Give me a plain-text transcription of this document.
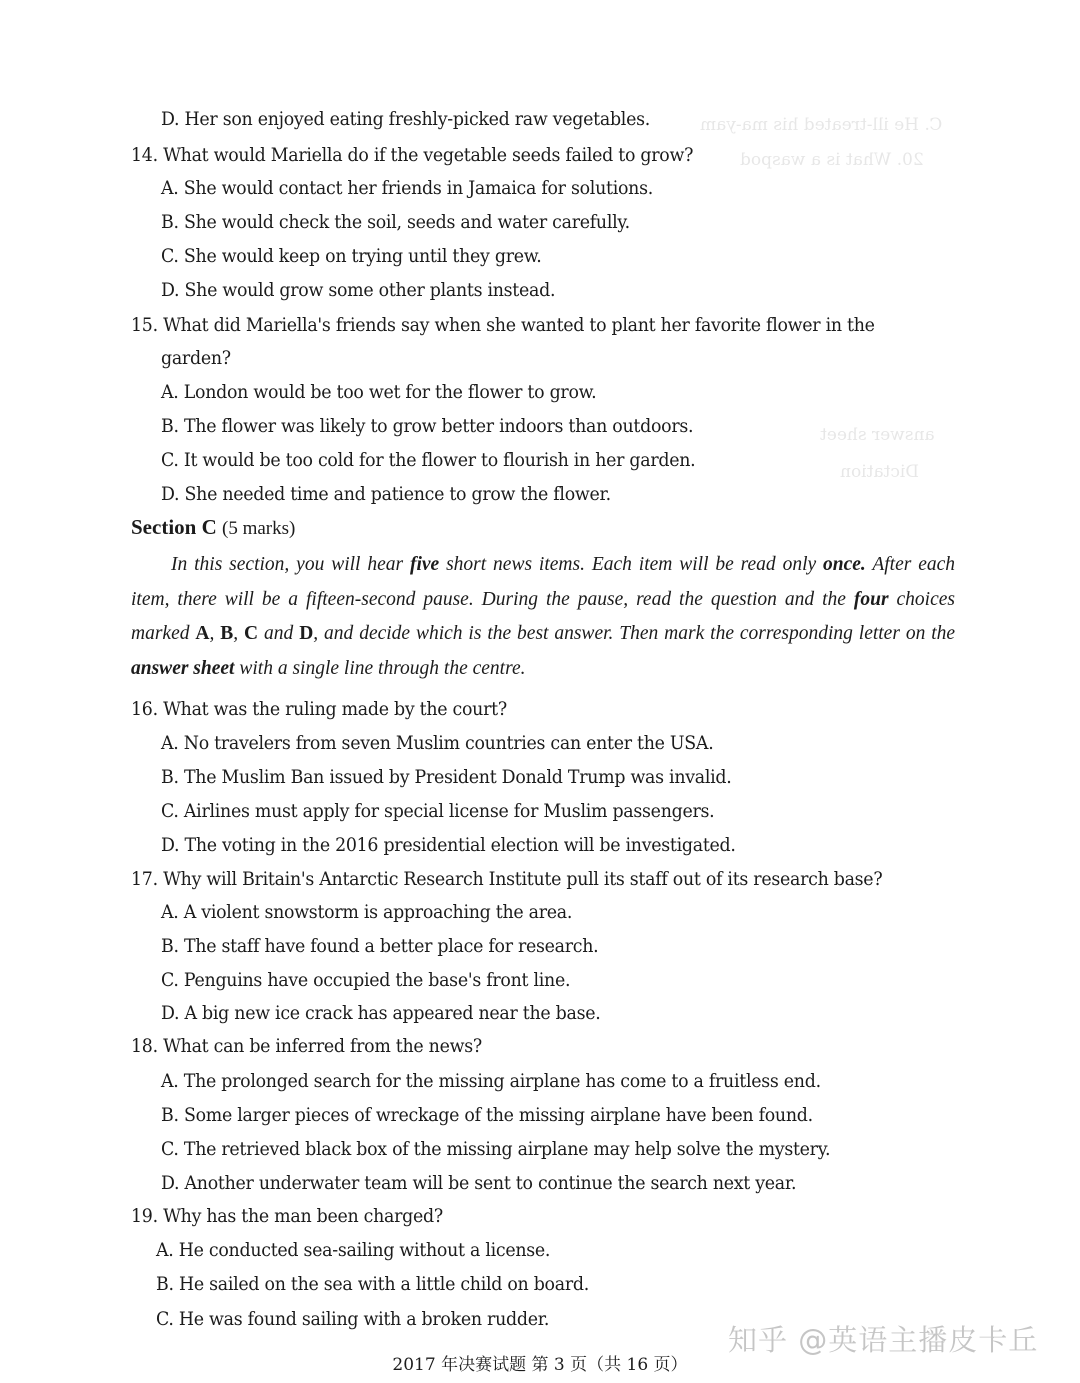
C. He ill-treated his ma-yam
20. What is a waspod
answer sheet
Dictation
D. Her son enjoyed eating freshly-picked raw vegetables.
14. What would Mariella do if the vegetable seeds failed to grow?
A. She would contact her friends in Jamaica for solutions.
B. She would check the soil, seeds and water carefully.
C. She would keep on trying until they grew.
D. She would grow some other plants instead.
15. What did Mariella's friends say when she wanted to plant her favorite flower in the
garden?
A. London would be too wet for the flower to grow.
B. The flower was likely to grow better indoors than outdoors.
C. It would be too cold for the flower to flourish in her garden.
D. She needed time and patience to grow the flower.
Section C (5 marks)
In this section, you will hear five short news items. Each item will be read only once. After each item, there will be a fifteen-second pause. During the pause, read the question and the four choices marked A, B, C and D, and decide which is the best answer. Then mark the corresponding letter on the answer sheet with a single line through the centre.
16. What was the ruling made by the court?
A. No travelers from seven Muslim countries can enter the USA.
B. The Muslim Ban issued by President Donald Trump was invalid.
C. Airlines must apply for special license for Muslim passengers.
D. The voting in the 2016 presidential election will be investigated.
17. Why will Britain's Antarctic Research Institute pull its staff out of its research base?
A. A violent snowstorm is approaching the area.
B. The staff have found a better place for research.
C. Penguins have occupied the base's front line.
D. A big new ice crack has appeared near the base.
18. What can be inferred from the news?
A. The prolonged search for the missing airplane has come to a fruitless end.
B. Some larger pieces of wreckage of the missing airplane have been found.
C. The retrieved black box of the missing airplane may help solve the mystery.
D. Another underwater team will be sent to continue the search next year.
19. Why has the man been charged?
A. He conducted sea-sailing without a license.
B. He sailed on the sea with a little child on board.
C. He was found sailing with a broken rudder.
知乎 @英语主播皮卡丘
2017 年决赛试题 第 3 页（共 16 页）
